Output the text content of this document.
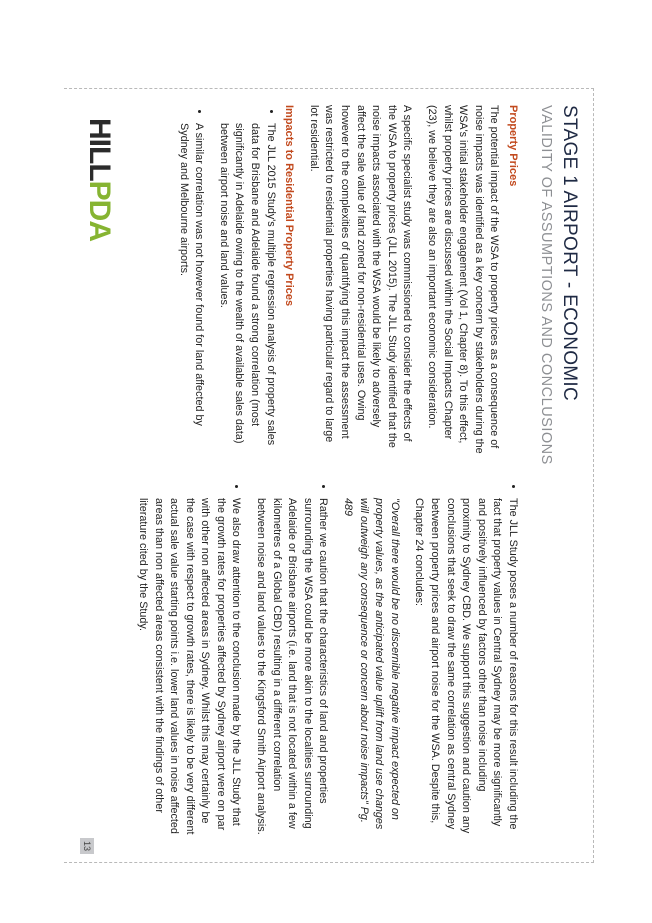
STAGE 1 AIRPORT - ECONOMIC
VALIDITY OF ASSUMPTIONS AND CONCLUSIONS
Property Prices

The potential impact of the WSA to property prices as a consequence of noise impacts was identified as a key concern by stakeholders during the WSA's initial stakeholder engagement (Vol 1, Chapter 8). To this effect, whilst property prices are discussed within the Social Impacts Chapter (23), we believe they are also an important economic consideration.

A specific specialist study was commissioned to consider the effects of the WSA to property prices (JLL 2015). The JLL Study identified that the noise impacts associated with the WSA would be likely to adversely affect the sale value of land zoned for non-residential uses. Owing however to the complexities of quantifying this impact the assessment was restricted to residential properties having particular regard to large lot residential.

Impacts to Residential Property Prices
• The JLL 2015 Study's multiple regression analysis of property sales data for Brisbane and Adelaide found a strong correlation (most significantly in Adelaide owing to the wealth of available sales data) between airport noise and land values.
• A similar correlation was not however found for land affected by Sydney and Melbourne airports.
• The JLL Study poses a number of reasons for this result including the fact that property values in Central Sydney may be more significantly and positively influenced by factors other than noise including proximity to Sydney CBD. We support this suggestion and caution any conclusions that seek to draw the same correlation as central Sydney between property prices and airport noise for the WSA. Despite this, Chapter 24 concludes:

"Overall there would be no discernible negative impact expected on property values, as the anticipated value uplift from land use changes will outweigh any consequence or concern about noise impacts" Pg. 489

• Rather we caution that the characteristics of land and properties surrounding the WSA could be more akin to the localities surrounding Adelaide or Brisbane airports (i.e. land that is not located within a few kilometres of a Global CBD) resulting in a different correlation between noise and land values to the Kingsford Smith Airport analysis.
• We also draw attention to the conclusion made by the JLL Study that the growth rates for properties affected by Sydney airport were on par with other non affected areas in Sydney. Whilst this may certainly be the case with respect to growth rates, there is likely to be very different actual sale value starting points i.e. lower land values in noise affected areas than non affected areas consistent with the findings of other literature cited by the Study.
HILLPDA
13
